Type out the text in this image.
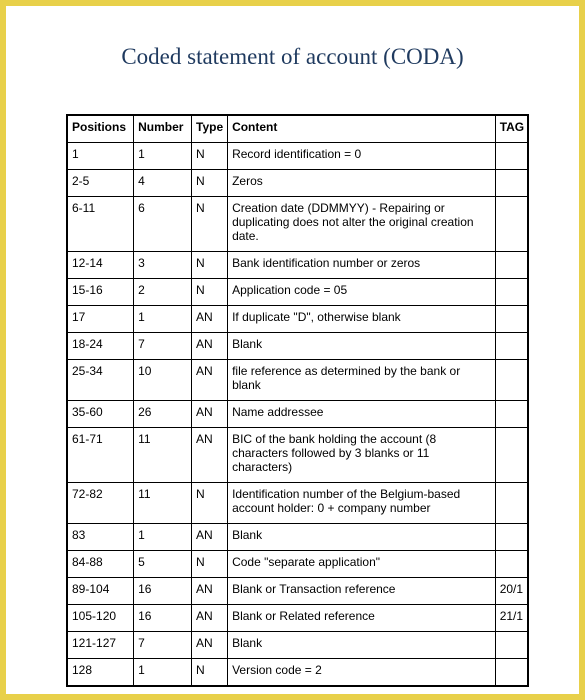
Coded statement of account (CODA)
Positions	Number	Type	Content	TAG
1	1	N	Record identification = 0	
2-5	4	N	Zeros	
6-11	6	N	Creation date (DDMMYY) - Repairing or duplicating does not alter the original creation date.	
12-14	3	N	Bank identification number or zeros	
15-16	2	N	Application code = 05	
17	1	AN	If duplicate "D", otherwise blank	
18-24	7	AN	Blank	
25-34	10	AN	file reference as determined by the bank or blank	
35-60	26	AN	Name addressee	
61-71	11	AN	BIC of the bank holding the account (8 characters followed by 3 blanks or 11 characters)	
72-82	11	N	Identification number of the Belgium-based account holder: 0 + company number	
83	1	AN	Blank	
84-88	5	N	Code "separate application"	
89-104	16	AN	Blank or Transaction reference	20/1
105-120	16	AN	Blank or Related reference	21/1
121-127	7	AN	Blank	
128	1	N	Version code = 2	
